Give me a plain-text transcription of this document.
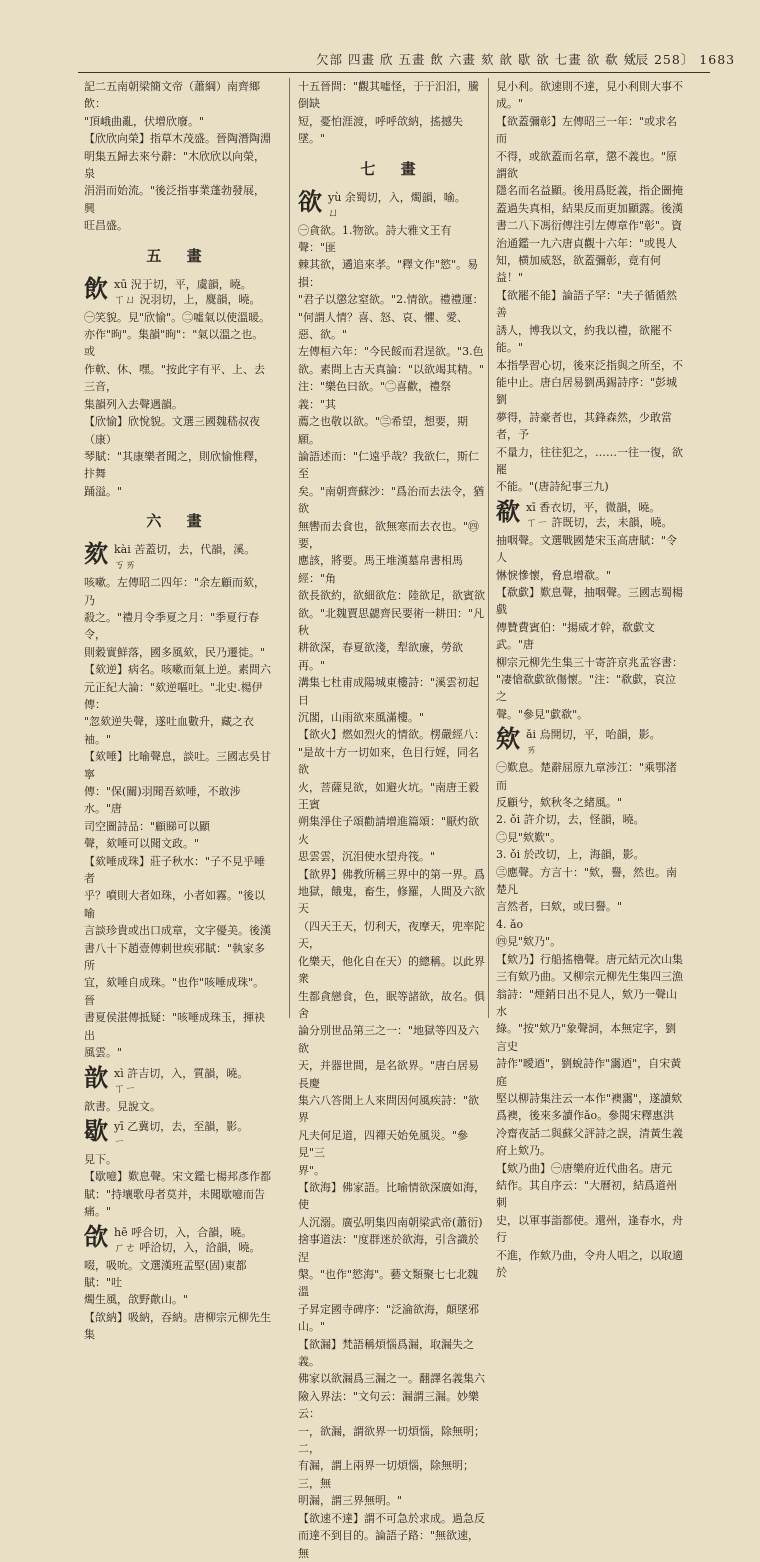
欠部 四畫 欣 五畫 飲 六畫 欬 歆 歇 欲 七畫 欲 欷 欸
〔辰 258〕 1683

記二五南朝梁簡文帝（蕭綱）南齊鄉飲：

"頂峨曲亂，伏增欣廢。"

【欣欣向榮】指草木茂盛。晉陶潛陶淵

明集五歸去來兮辭："木欣欣以向榮，泉

涓涓而始流。"後泛指事業蓬勃發展，興

旺昌盛。

五 畫
飲 xū 況于切，平，虞韻，曉。
ㄒㄩ 況羽切，上，麌韻，曉。

㊀笑貌。見"欣愉"。㊁噓氣以使溫暖。

亦作"昫"。集韻"昫"："氣以溫之也。或

作軟、休、嘿。"按此字有平、上、去三音，

集韻列入去聲遇韻。

【欣愉】欣悅貌。文選三國魏嵇叔夜（康）

琴賦："其康樂者聞之，則欣愉惟釋，抃舞

踊溢。"

六 畫
欬 kài 苦蓋切，去，代韻，溪。
ㄎㄞ

咳嗽。左傳昭二四年："余左顧而欬，乃

殺之。"禮月令季夏之月："季夏行春令，

則穀實鮮落，國多風欬，民乃遷徙。"

【欬逆】病名。咳嗽而氣上逆。素問六

元正紀大論："欬逆嘔吐。"北史.楊伊傳：

"忽欬逆失聲，遂吐血數升，藏之衣袖。"

【欬唾】比喻聲息，談吐。三國志吳甘寧

傳："保(關)羽聞吾欬唾，不敢涉水。"唐

司空圖詩品："顧睇可以顯

聲，欬唾可以聞文政。"

【欬唾成珠】莊子秋水："子不見乎唾者

乎？噴則大者如珠，小者如霧。"後以喻

言談珍貴或出口成章，文字優美。後漢

書八十下趙壹傳刺世疾邪賦："執家多所

宜，欬唾自成珠。"也作"咳唾成珠"。晉

書夏侯湛傳抵疑："咳唾成珠玉，揮袂出

風雲。"

歆 xì 許吉切，入，質韻，曉。
ㄒㄧ

歆書。見說文。

歇 yī 乙冀切，去，至韻，影。
ㄧ

見下。

【歇噫】歎息聲。宋文鑑七楊邦彥作都

賦："持壤歌母者莫并，未聞歇噫而告

痛。"

欱 hē 呼合切，入，合韻，曉。
ㄏㄜ 呼洽切，入，洽韻，曉。

啜，吸吮。文選漢班孟堅(固)東都賦："吐

燭生風，欱野歕山。"

【欱納】吸納，吞納。唐柳宗元柳先生集

十五晉問："觀其噓怪，于于汨汨，騰倒缺

短，憂怕涯渡，呼呼欱納，搖撼失墜。"

七 畫
欲 yù 余蜀切，入，燭韻，喻。
ㄩ

㊀貪欲。1.物欲。詩大雅文王有聲："匪

棘其欲，遹追來孝。"釋文作"慾"。易損：

"君子以懲忿窒欲。"2.情欲。禮禮運：

"何謂人情？喜、怒、哀、懼、愛、惡、欲。"

左傳桓六年："今民餒而君逞欲。"3.色

欲。素問上古天真論："以欲竭其精。"

注："樂色曰欲。"㊁喜歡，禮祭義："其

薦之也敬以欲。"㊂希望，想要，期願。

論語述而："仁遠乎哉？我欲仁，斯仁至

矣。"南朝齊蘇沙："爲治而去法令，猶欲

無轡而去食也，欲無寒而去衣也。"㊃要，

應該，將要。馬王堆漢墓帛書相馬經："角

欲長欲約，欲細欲危：陸欲足，欲賓欲

欲。"北魏賈思勰齊民要術一耕田："凡秋

耕欲深，春夏欲淺，犁欲廉，勞欲再。"

溝集七杜甫成陽城東樓詩："溪雲初起日

沉閣，山雨欲來風滿樓。"

【欲火】燃如烈火的情欲。楞嚴經八：

"是故十方一切如來，色目行婬，同名欲

火，菩薩見欲，如避火坑。"南唐王毅王賓

朔集淨住子頌勸請增進篇頌："厭灼欲火

思雲雲，沉泪使水望舟筏。"

【欲界】佛教所稱三界中的第一界。爲

地獄，餓鬼，畜生，修羅，人間及六欲天

（四天王天，忉利天，夜摩天，兜率陀天，

化樂天，他化自在天）的總稱。以此界衆

生都貪戀食，色，眠等諸欲，故名。俱舍

論分別世品第三之一："地獄等四及六欲

天，并器世間，是名欲界。"唐白居易長慶

集六八答閒上人來問因何風疾詩："欲界

凡夫何足道，四禪天始免風災。"參見"三

界"。

【欲海】佛家語。比喻情欲深廣如海，使

人沉溺。廣弘明集四南朝梁武帝(蕭衍)

捨事道法："度群迷於欲海，引含識於涅

槃。"也作"慾海"。藝文類聚七七北魏溫

子昇定國寺碑序："泛淪欲海，顛墜邪

山。"

【欲漏】梵語稱煩惱爲漏，取漏失之義。

佛家以欲漏爲三漏之一。翻譯名義集六

險入界法："文句云：漏謂三漏。妙樂云：

一，欲漏，謂欲界一切煩惱，除無明；二，

有漏，謂上兩界一切煩惱，除無明；三，無

明漏，謂三界無明。"

【欲速不達】謂不可急於求成。過急反

而達不到目的。論語子路："無欲速，無

見小利。欲速則不達，見小利則大事不

成。"

【欲蓋彌彰】左傳昭三一年："或求名而

不得，或欲蓋而名章，懲不義也。"原謂欲

隱名而名益顯。後用爲貶義，指企圖掩

蓋過失真相，結果反而更加顯露。後漢

書二八下馮衍傳注引左傳章作"彰"。資

治通鑑一九六唐貞觀十六年："或畏人

知，横加威怒，欲蓋彌彰，竟有何益！"

【欲罷不能】論語子罕："夫子循循然善

誘人，博我以文，約我以禮，欲罷不能。"

本指學習心切，後來泛指與之所至，不

能中止。唐白居易劉禹錫詩序："彭城劉

夢得，詩豪者也，其鋒森然，少敢當者，予

不量力，往往犯之，……一往一復，欲罷

不能。"(唐詩紀事三九)

欷 xī 香衣切，平，微韻，曉。
ㄒㄧ 許既切，去，未韻，曉。

抽咽聲。文選戰國楚宋玉高唐賦："令人

惏悷慘懷，脅息增欷。"

【欷歔】歎息聲，抽咽聲。三國志蜀楊戲

傳贊費賓伯："揚威才幹，欷歔文武。"唐

柳宗元柳先生集三十寄許京兆孟容書：

"凄愴欷歔欲傷懷。"注："欷歔，哀泣之

聲。"參見"歔欷"。

欸 ǎi 烏開切，平，咍韻，影。
ㄞ

㊀歎息。楚辭屈原九章涉江："乘鄂渚而

反顧兮，欸秋冬之緒風。"

2. ǒi 許介切，去，怪韻，曉。

㊁見"欸歎"。

3. ǒi 於改切，上，海韻，影。

㊂應聲。方言十："欸，譽，然也。南楚凡

言然者，曰欸，或曰譽。"

4. ǎo

㊃見"欸乃"。

【欸乃】行船搖櫓聲。唐元結元次山集

三有欸乃曲。又柳宗元柳先生集四三漁

翁詩："煙銷日出不見人，欸乃一聲山水

綠。"按"欸乃"象聲詞，本無定字，劉言史

詩作"曖迺"，劉蛻詩作"靄迺"，自宋黃庭

堅以柳詩集注云一本作"襖靄"，遂讀欸

爲襖，後來多讀作ǎo。參閱宋釋惠洪

冷齋夜話二與蘇父評詩之誤，清黃生義

府上欸乃。

【欸乃曲】㊀唐樂府近代曲名。唐元

結作。其自序云："大曆初，結爲道州刺

史，以軍事詣都使。還州，逢春水，舟行

不進，作欸乃曲，令舟人唱之，以取適於
